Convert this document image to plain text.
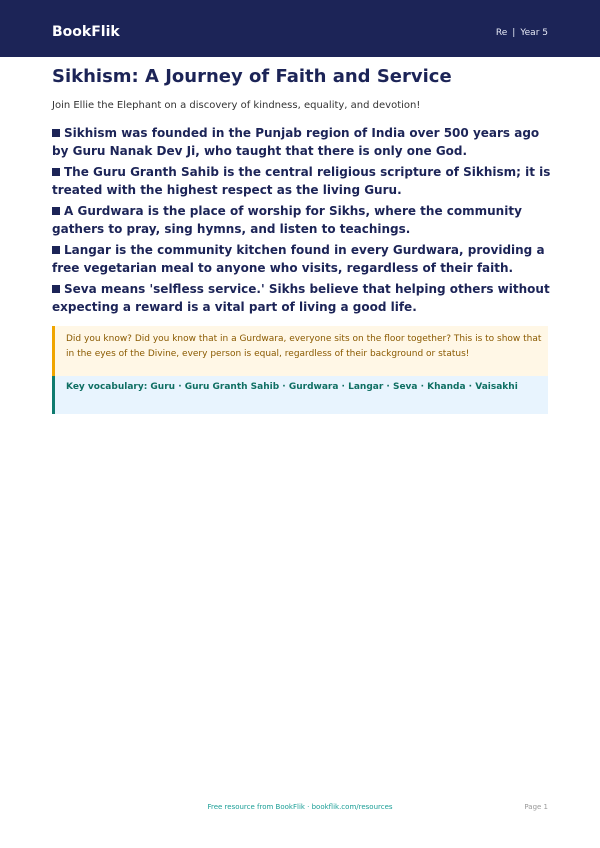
BookFlik	Re | Year 5
Sikhism: A Journey of Faith and Service
Join Ellie the Elephant on a discovery of kindness, equality, and devotion!
Sikhism was founded in the Punjab region of India over 500 years ago by Guru Nanak Dev Ji, who taught that there is only one God.
The Guru Granth Sahib is the central religious scripture of Sikhism; it is treated with the highest respect as the living Guru.
A Gurdwara is the place of worship for Sikhs, where the community gathers to pray, sing hymns, and listen to teachings.
Langar is the community kitchen found in every Gurdwara, providing a free vegetarian meal to anyone who visits, regardless of their faith.
Seva means 'selfless service.' Sikhs believe that helping others without expecting a reward is a vital part of living a good life.
Did you know? Did you know that in a Gurdwara, everyone sits on the floor together? This is to show that in the eyes of the Divine, every person is equal, regardless of their background or status!
Key vocabulary: Guru · Guru Granth Sahib · Gurdwara · Langar · Seva · Khanda · Vaisakhi
Free resource from BookFlik · bookflik.com/resources	Page 1
